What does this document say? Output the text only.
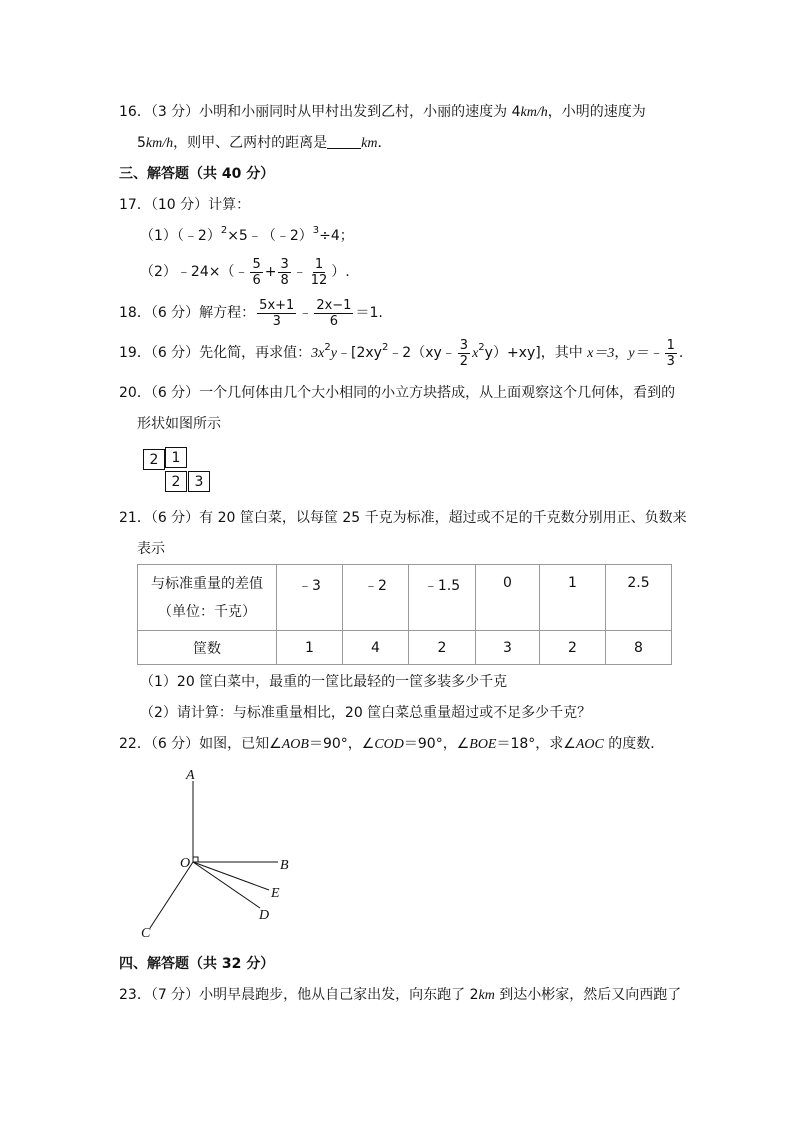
16．（3 分）小明和小丽同时从甲村出发到乙村，小丽的速度为 4km/h，小明的速度为
5km/h，则甲、乙两村的距离是 km．
三、解答题（共 40 分）
17．（10 分）计算：
（1）（﹣2）$^2$×5﹣（﹣2）$^3$÷4；
（2）﹣24×（﹣ $\frac{5}{6} + \frac{3}{8}$ ﹣ $\frac{1}{12}$ ）.
18．（6 分）解方程： $\frac{5x+1}{3}$ ﹣ $\frac{2x-1}{6} =1$.
19．（6 分）先化简，再求值：$3x^2y﹣[2xy^2﹣2(xy﹣ \frac{3}{2} x^2y)+xy]$，其中 x＝3，y＝﹣ $\frac{1}{3}$ .
20．（6 分）一个几何体由几个大小相同的小立方块搭成，从上面观察这个几何体，看到的
形状如图所示
2 1
2	3
21．（6 分）有 20 筐白菜，以每筐 25 千克为标准，超过或不足的千克数分别用正、负数来
表示
与标准重量的差值
（单位：千克）	﹣3	﹣2	﹣1.5	0	1	2.5
筐数	1	4	2	3	2	8
（1）20 筐白菜中，最重的一筐比最轻的一筐多装多少千克
（2）请计算：与标准重量相比，20 筐白菜总重量超过或不足多少千克？
22．（6 分）如图，已知∠AOB＝90°，∠COD＝90°，∠BOE＝18°，求∠AOC 的度数．
A
O	B
E
D
C
四、解答题（共 32 分）
23．（7 分）小明早晨跑步，他从自己家出发，向东跑了 2km 到达小彬家，然后又向西跑了
